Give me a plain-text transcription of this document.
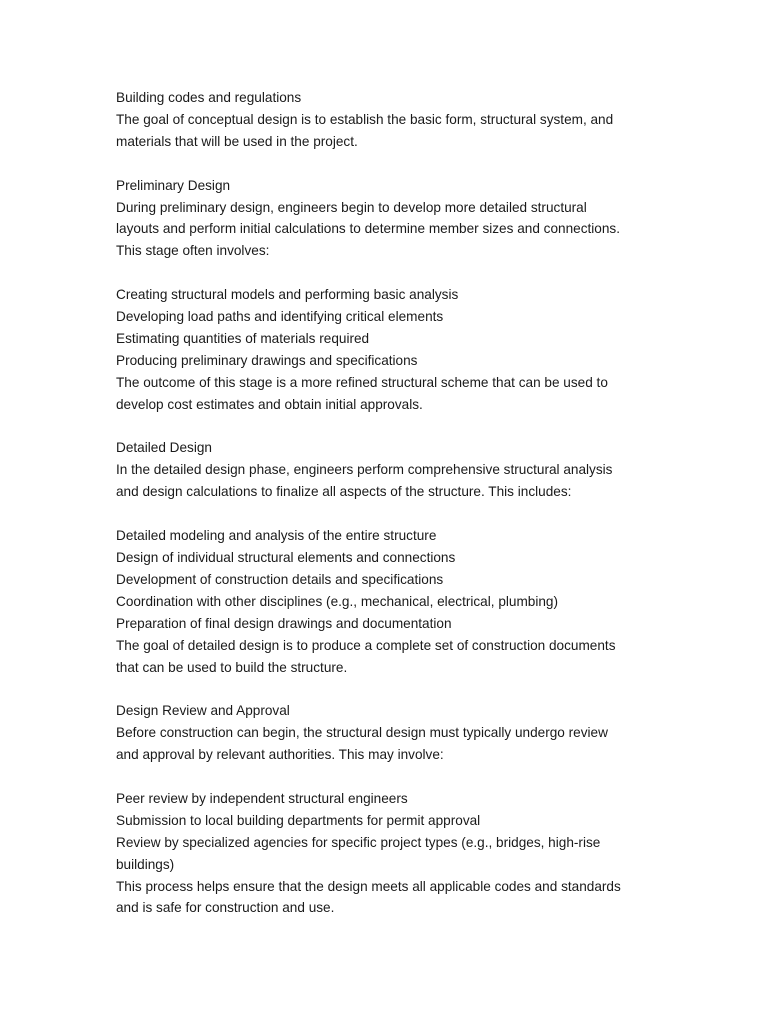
Building codes and regulations
The goal of conceptual design is to establish the basic form, structural system, and
materials that will be used in the project.
Preliminary Design
During preliminary design, engineers begin to develop more detailed structural
layouts and perform initial calculations to determine member sizes and connections.
This stage often involves:
Creating structural models and performing basic analysis
Developing load paths and identifying critical elements
Estimating quantities of materials required
Producing preliminary drawings and specifications
The outcome of this stage is a more refined structural scheme that can be used to
develop cost estimates and obtain initial approvals.
Detailed Design
In the detailed design phase, engineers perform comprehensive structural analysis
and design calculations to finalize all aspects of the structure. This includes:
Detailed modeling and analysis of the entire structure
Design of individual structural elements and connections
Development of construction details and specifications
Coordination with other disciplines (e.g., mechanical, electrical, plumbing)
Preparation of final design drawings and documentation
The goal of detailed design is to produce a complete set of construction documents
that can be used to build the structure.
Design Review and Approval
Before construction can begin, the structural design must typically undergo review
and approval by relevant authorities. This may involve:
Peer review by independent structural engineers
Submission to local building departments for permit approval
Review by specialized agencies for specific project types (e.g., bridges, high-rise
buildings)
This process helps ensure that the design meets all applicable codes and standards
and is safe for construction and use.
